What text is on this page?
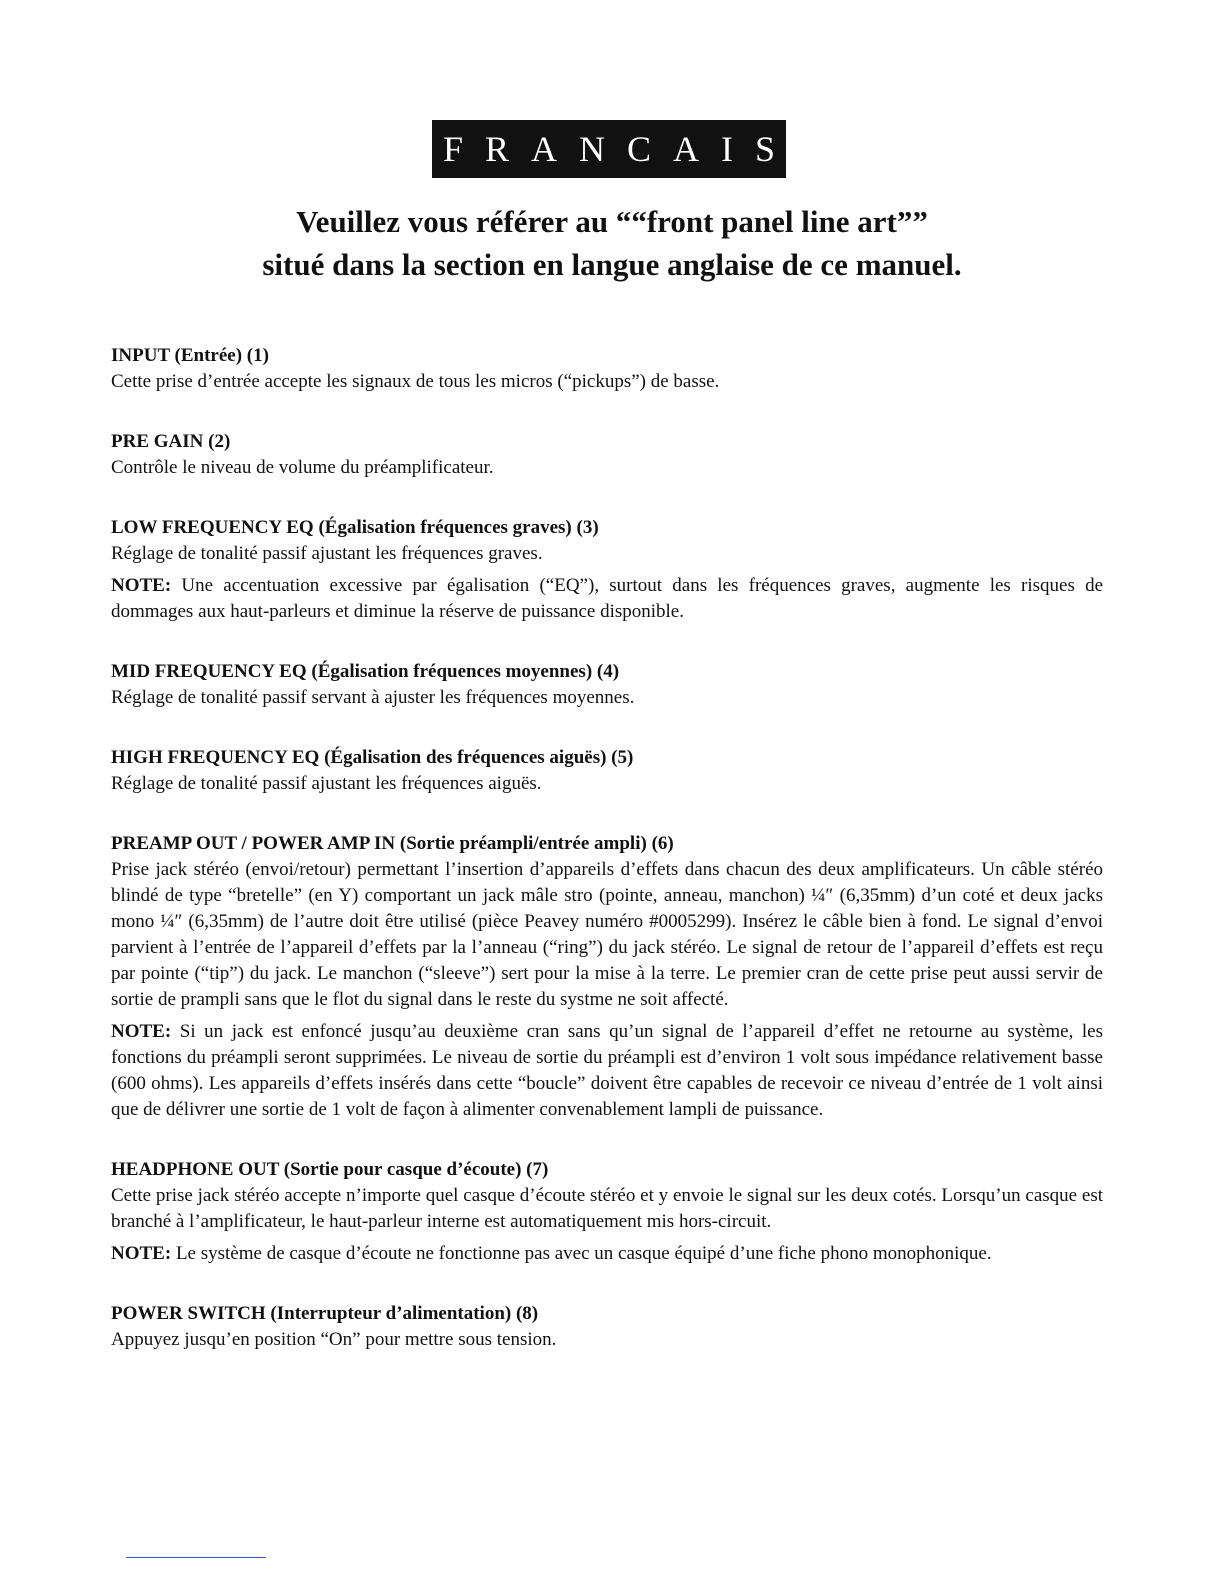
FRANCAIS
Veuillez vous référer au ““front panel line art””
situé dans la section en langue anglaise de ce manuel.

INPUT (Entrée) (1)

Cette prise d’entrée accepte les signaux de tous les micros (“pickups”) de basse.

PRE GAIN (2)

Contrôle le niveau de volume du préamplificateur.

LOW FREQUENCY EQ (Égalisation fréquences graves) (3)

Réglage de tonalité passif ajustant les fréquences graves.

NOTE: Une accentuation excessive par égalisation (“EQ”), surtout dans les fréquences graves, augmente les risques de dommages aux haut-parleurs et diminue la réserve de puissance disponible.

MID FREQUENCY EQ (Égalisation fréquences moyennes) (4)

Réglage de tonalité passif servant à ajuster les fréquences moyennes.

HIGH FREQUENCY EQ (Égalisation des fréquences aiguës) (5)

Réglage de tonalité passif ajustant les fréquences aiguës.

PREAMP OUT / POWER AMP IN (Sortie préampli/entrée ampli) (6)

Prise jack stéréo (envoi/retour) permettant l’insertion d’appareils d’effets dans chacun des deux amplificateurs. Un câble stéréo blindé de type “bretelle” (en Y) comportant un jack mâle stro (pointe, anneau, manchon) ¼″ (6,35mm) d’un coté et deux jacks mono ¼″ (6,35mm) de l’autre doit être utilisé (pièce Peavey numéro #0005299). Insérez le câble bien à fond. Le signal d’envoi parvient à l’entrée de l’appareil d’effets par la l’anneau (“ring”) du jack stéréo. Le signal de retour de l’appareil d’effets est reçu par pointe (“tip”) du jack. Le manchon (“sleeve”) sert pour la mise à la terre. Le premier cran de cette prise peut aussi servir de sortie de prampli sans que le flot du signal dans le reste du systme ne soit affecté.

NOTE: Si un jack est enfoncé jusqu’au deuxième cran sans qu’un signal de l’appareil d’effet ne retourne au système, les fonctions du préampli seront supprimées. Le niveau de sortie du préampli est d’environ 1 volt sous impédance relativement basse (600 ohms). Les appareils d’effets insérés dans cette “boucle” doivent être capables de recevoir ce niveau d’entrée de 1 volt ainsi que de délivrer une sortie de 1 volt de façon à alimenter convenablement lampli de puissance.

HEADPHONE OUT (Sortie pour casque d’écoute) (7)

Cette prise jack stéréo accepte n’importe quel casque d’écoute stéréo et y envoie le signal sur les deux cotés. Lorsqu’un casque est branché à l’amplificateur, le haut-parleur interne est automatiquement mis hors-circuit.

NOTE: Le système de casque d’écoute ne fonctionne pas avec un casque équipé d’une fiche phono monophonique.

POWER SWITCH (Interrupteur d’alimentation) (8)

Appuyez jusqu’en position “On” pour mettre sous tension.
